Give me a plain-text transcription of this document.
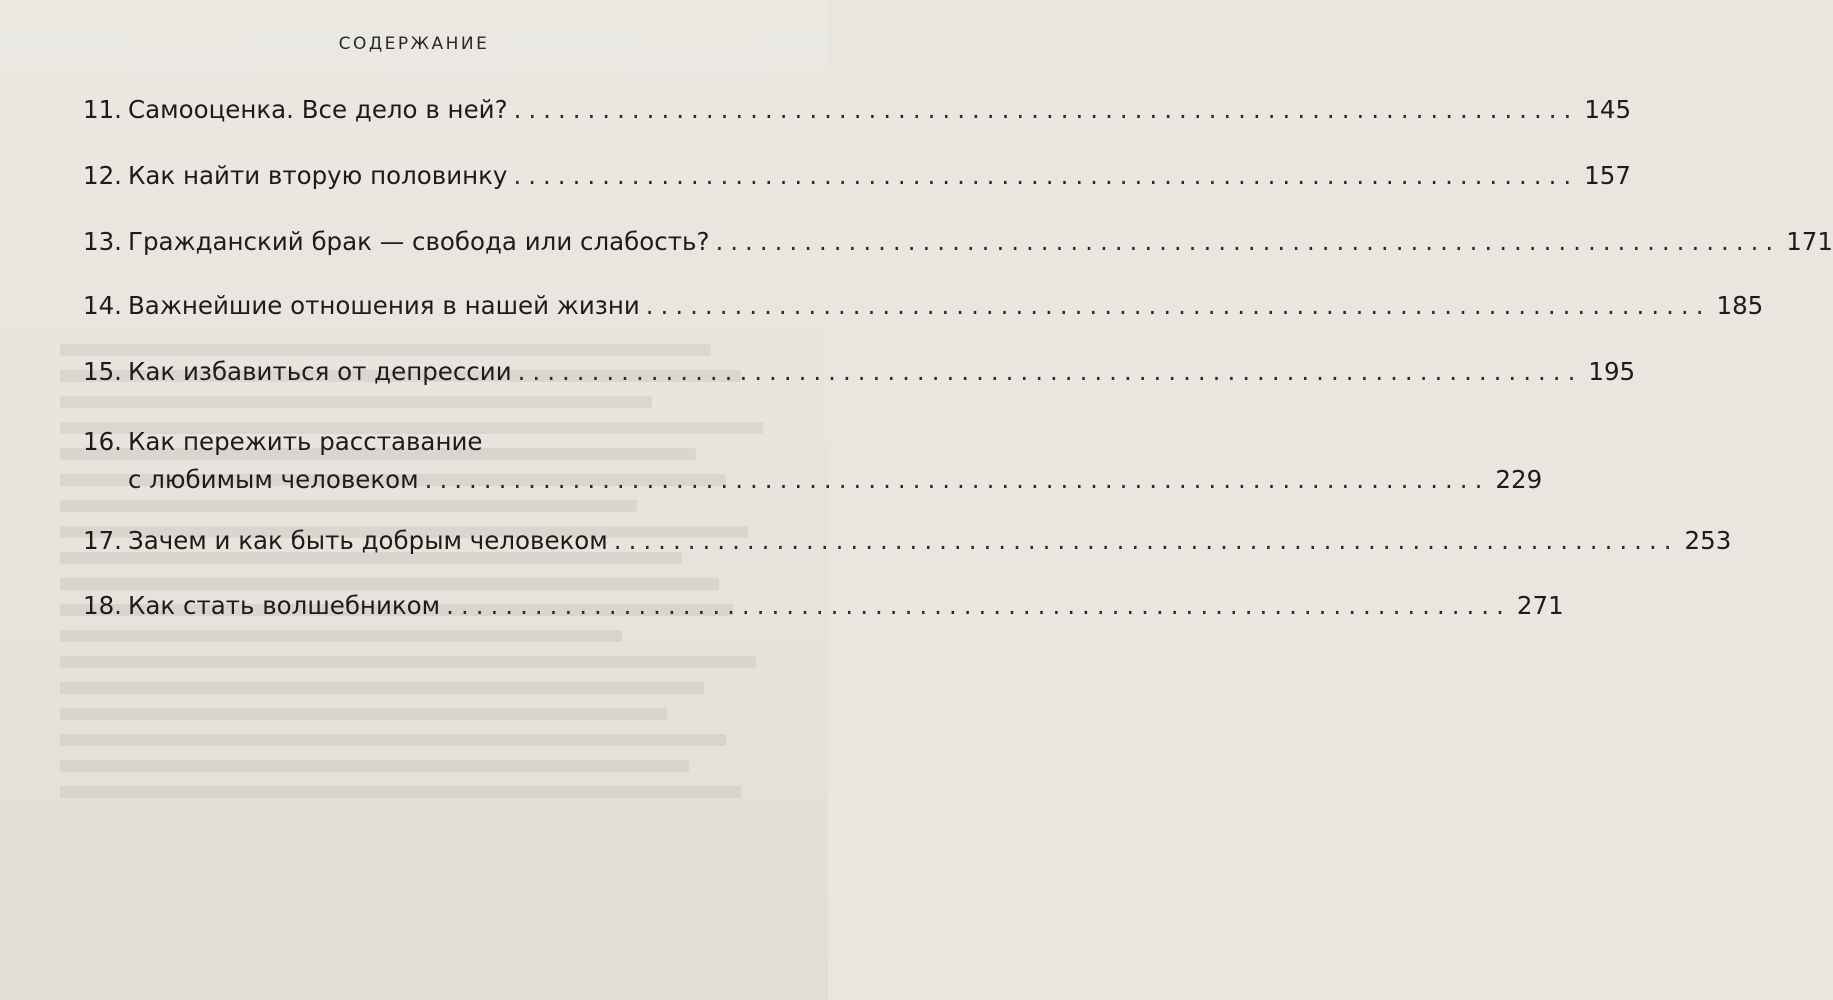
СОДЕРЖАНИЕ
11. Самооценка. Все дело в ней? ........................................................................ 145
12. Как найти вторую половинку ........................................................................ 157
13. Гражданский брак — свобода или слабость? ........................................................................ 171
14. Важнейшие отношения в нашей жизни ........................................................................ 185
15. Как избавиться от депрессии ........................................................................ 195
16. Как пережить расставание
с любимым человеком ........................................................................ 229
17. Зачем и как быть добрым человеком ........................................................................ 253
18. Как стать волшебником ........................................................................ 271
